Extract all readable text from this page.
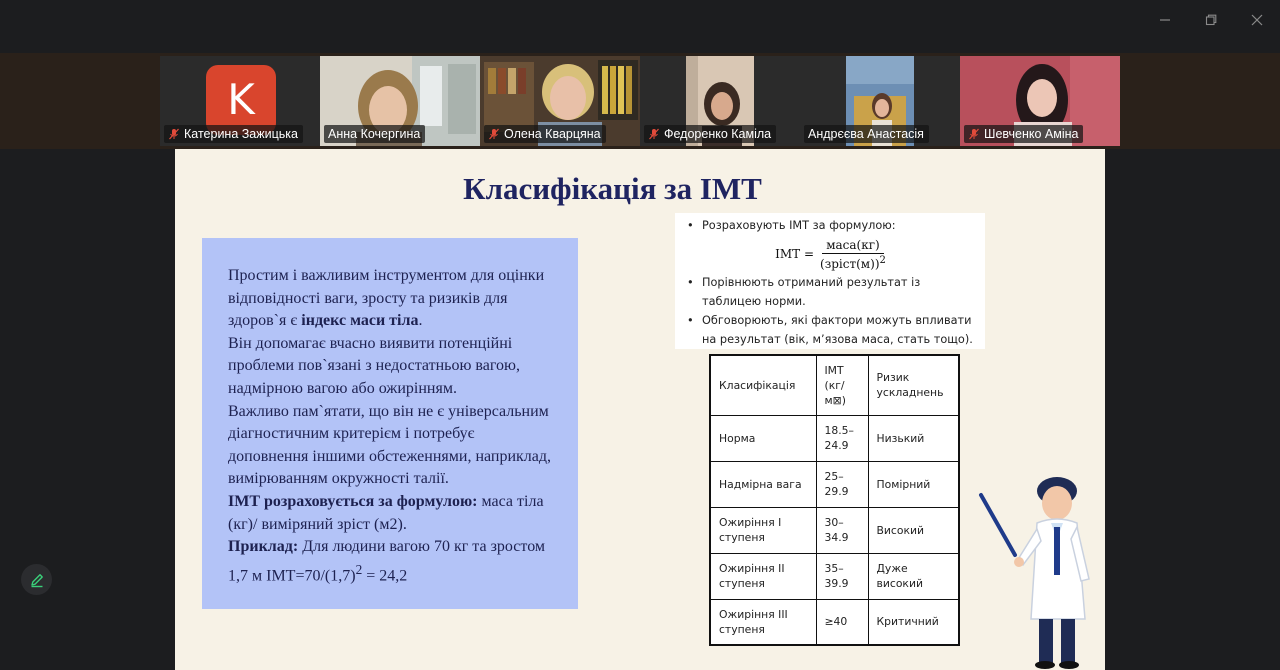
K
Катерина Зажицька Анна Кочергина	Олена Кварцяна	Федоренко Каміла	Андрєєва Анастасія	Шевченко Аміна
Класифікація за ІМТ

Простим і важливим інструментом для оцінки відповідності ваги, зросту та ризиків для здоров`я є індекс маси тіла.

Він допомагає вчасно виявити потенційні проблеми пов`язані з недостатньою вагою, надмірною вагою або ожирінням.

Важливо пам`ятати, що він не є універсальним діагностичним критерієм і потребує доповнення іншими обстеженнями, наприклад, вимірюванням окружності талії.

ІМТ розраховується за формулою: маса тіла (кг)/ виміряний зріст (м2).

Приклад: Для людини вагою 70 кг та зростом 1,7 м $ІМТ=70/(1,7)^2 = 24,2$

• Розраховують ІМТ за формулою:
IMT = $\frac{\text{маса(кг)}}{(зріст(м))^2}$
• Порівнюють отриманий результат із таблицею норми.
• Обговорюють, які фактори можуть впливати на результат (вік, м’язова маса, стать тощо).
Класифікація	ІМТ (кг/ м⊠)	Ризик ускладнень
Норма	18.5–24.9	Низький
Надмірна вага	25–29.9	Помірний
Ожиріння І ступеня	30–34.9	Високий
Ожиріння ІІ ступеня	35–39.9	Дуже високий
Ожиріння ІІІ ступеня	≥40	Критичний
